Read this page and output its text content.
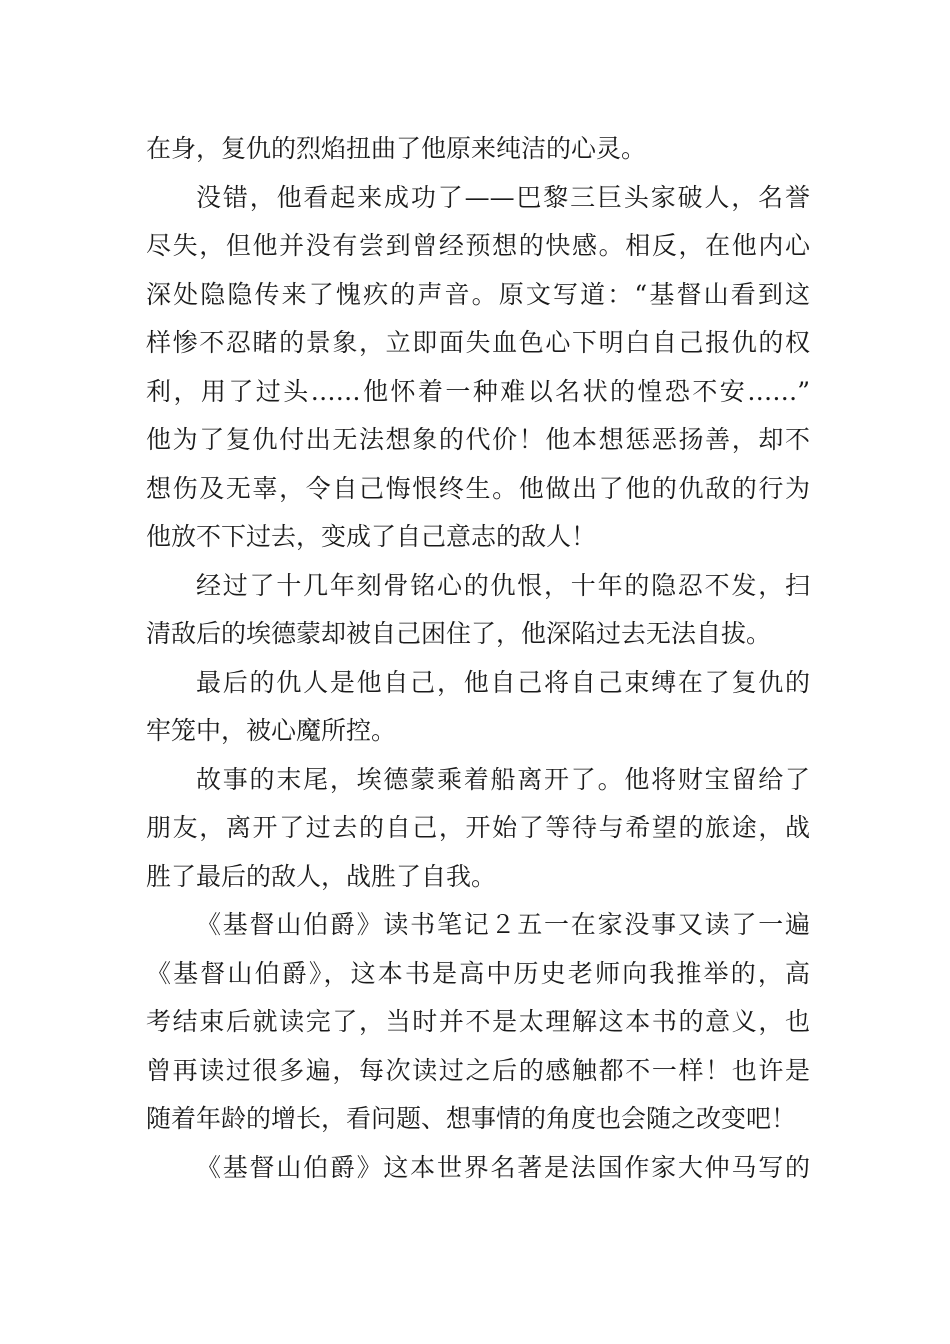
在身，复仇的烈焰扭曲了他原来纯洁的心灵。
没错，他看起来成功了——巴黎三巨头家破人，名誉
尽失，但他并没有尝到曾经预想的快感。相反，在他内心
深处隐隐传来了愧疚的声音。原文写道：“基督山看到这
样惨不忍睹的景象，立即面失血色心下明白自己报仇的权
利，用了过头……他怀着一种难以名状的惶恐不安……”
他为了复仇付出无法想象的代价！他本想惩恶扬善，却不
想伤及无辜，令自己悔恨终生。他做出了他的仇敌的行为
他放不下过去，变成了自己意志的敌人！
经过了十几年刻骨铭心的仇恨，十年的隐忍不发，扫
清敌后的埃德蒙却被自己困住了，他深陷过去无法自拔。
最后的仇人是他自己，他自己将自己束缚在了复仇的
牢笼中，被心魔所控。
故事的末尾，埃德蒙乘着船离开了。他将财宝留给了
朋友，离开了过去的自己，开始了等待与希望的旅途，战
胜了最后的敌人，战胜了自我。
《基督山伯爵》读书笔记２五一在家没事又读了一遍
《基督山伯爵》，这本书是高中历史老师向我推举的，高
考结束后就读完了，当时并不是太理解这本书的意义，也
曾再读过很多遍，每次读过之后的感触都不一样！也许是
随着年龄的增长，看问题、想事情的角度也会随之改变吧！
《基督山伯爵》这本世界名著是法国作家大仲马写的
